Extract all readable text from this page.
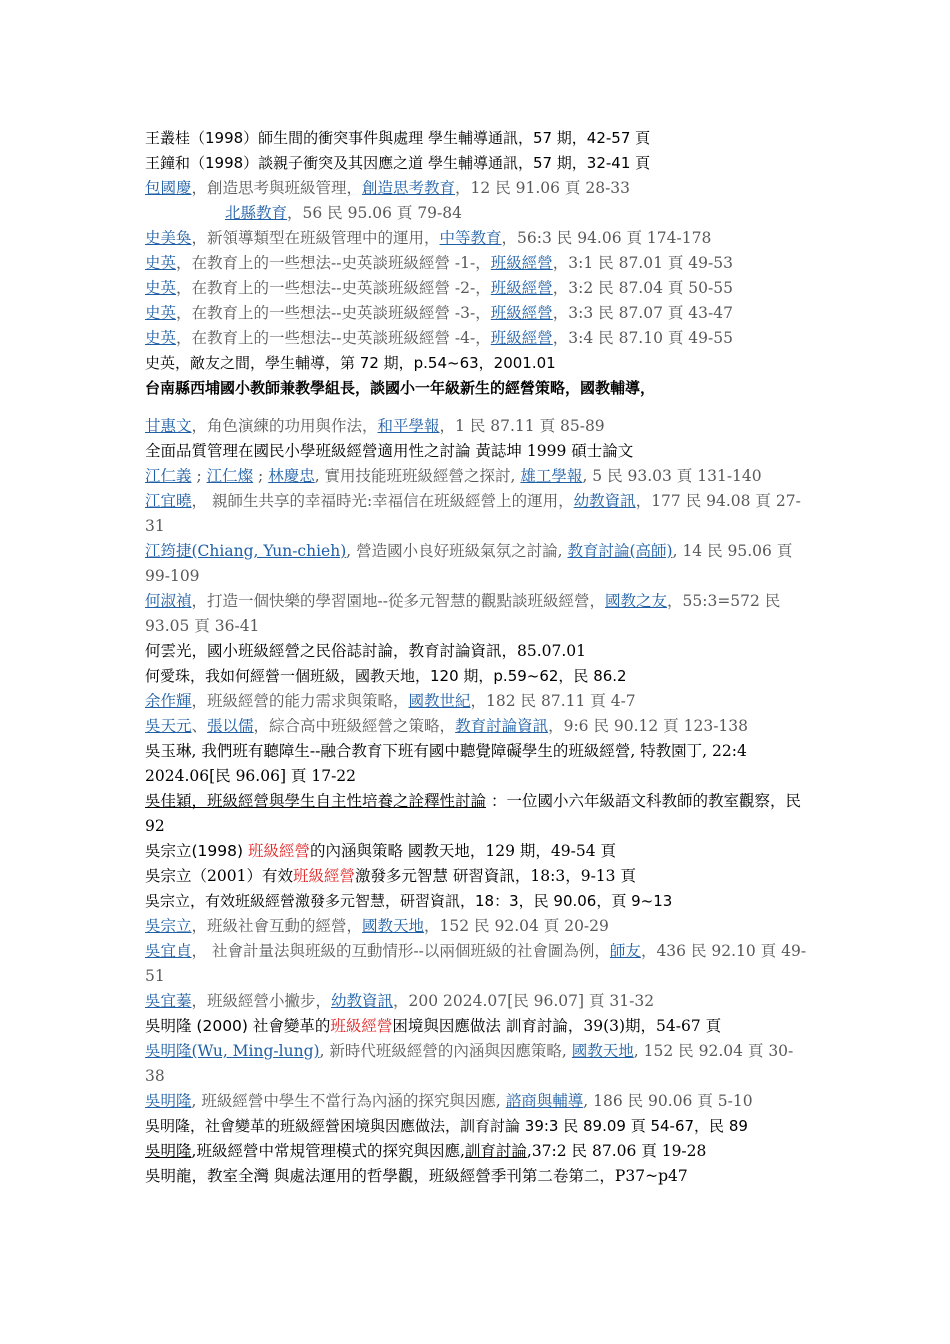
王叢桂（1998）師生間的衝突事件與處理 學生輔導通訊，57 期，42-57 頁

王鐘和（1998）談親子衝突及其因應之道 學生輔導通訊，57 期，32-41 頁

包國慶，創造思考與班級管理，創造思考教育，12 民 91.06 頁 28-33

北縣教育，56 民 95.06 頁 79-84

史美奐，新領導類型在班級管理中的運用，中等教育，56:3 民 94.06 頁 174-178

史英，在教育上的一些想法--史英談班級經營 -1-，班級經營，3:1 民 87.01 頁 49-53

史英，在教育上的一些想法--史英談班級經營 -2-，班級經營，3:2 民 87.04 頁 50-55

史英，在教育上的一些想法--史英談班級經營 -3-，班級經營，3:3 民 87.07 頁 43-47

史英，在教育上的一些想法--史英談班級經營 -4-，班級經營，3:4 民 87.10 頁 49-55

史英，敵友之間，學生輔導，第 72 期，p.54~63，2001.01

台南縣西埔國小教師兼教學組長，談國小一年級新生的經營策略，國教輔導，

甘惠文，角色演練的功用與作法，和平學報，1 民 87.11 頁 85-89

全面品質管理在國民小學班級經營適用性之討論 黃誌坤 1999 碩士論文

江仁義 ; 江仁燦 ; 林慶忠, 實用技能班班級經營之探討, 雄工學報, 5 民 93.03 頁 131-140

江宜曉， 親師生共享的幸福時光:幸福信在班級經營上的運用，幼教資訊，177 民 94.08 頁 27-31

江筠捷(Chiang, Yun-chieh), 營造國小良好班級氣氛之討論, 教育討論(高師), 14 民 95.06 頁 99-109

何淑禎，打造一個快樂的學習園地--從多元智慧的觀點談班級經營，國教之友，55:3=572 民 93.05 頁 36-41

何雲光，國小班級經營之民俗誌討論，教育討論資訊，85.07.01

何愛珠，我如何經營一個班級，國教天地，120 期，p.59~62，民 86.2

余作輝，班級經營的能力需求與策略，國教世紀，182 民 87.11 頁 4-7

吳天元、張以儒，綜合高中班級經營之策略，教育討論資訊，9:6 民 90.12 頁 123-138

吳玉琳, 我們班有聽障生--融合教育下班有國中聽覺障礙學生的班級經營, 特教園丁, 22:4 2024.06[民 96.06] 頁 17-22

吳佳穎，班級經營與學生自主性培養之詮釋性討論 ：一位國小六年級語文科教師的教室觀察，民 92

吳宗立(1998) 班級經營的內涵與策略 國教天地，129 期，49-54 頁

吳宗立（2001）有效班級經營激發多元智慧 研習資訊，18:3，9-13 頁

吳宗立，有效班級經營激發多元智慧，研習資訊，18：3，民 90.06，頁 9~13

吳宗立，班級社會互動的經營，國教天地，152 民 92.04 頁 20-29

吳宜貞， 社會計量法與班級的互動情形--以兩個班級的社會圖為例，師友，436 民 92.10 頁 49-51

吳宜蓁，班級經營小撇步，幼教資訊，200 2024.07[民 96.07] 頁 31-32

吳明隆 (2000) 社會變革的班級經營困境與因應做法 訓育討論，39(3)期，54-67 頁

吳明隆(Wu, Ming-lung), 新時代班級經營的內涵與因應策略, 國教天地, 152 民 92.04 頁 30-38

吳明隆, 班級經營中學生不當行為內涵的探究與因應, 諮商與輔導, 186 民 90.06 頁 5-10

吳明隆，社會變革的班級經營困境與因應做法，訓育討論 39:3 民 89.09 頁 54-67，民 89

吳明隆,班級經營中常規管理模式的探究與因應,訓育討論,37:2 民 87.06 頁 19-28

吳明龍，教室全灣 與處法運用的哲學觀，班級經營季刊第二卷第二，P37~p47
